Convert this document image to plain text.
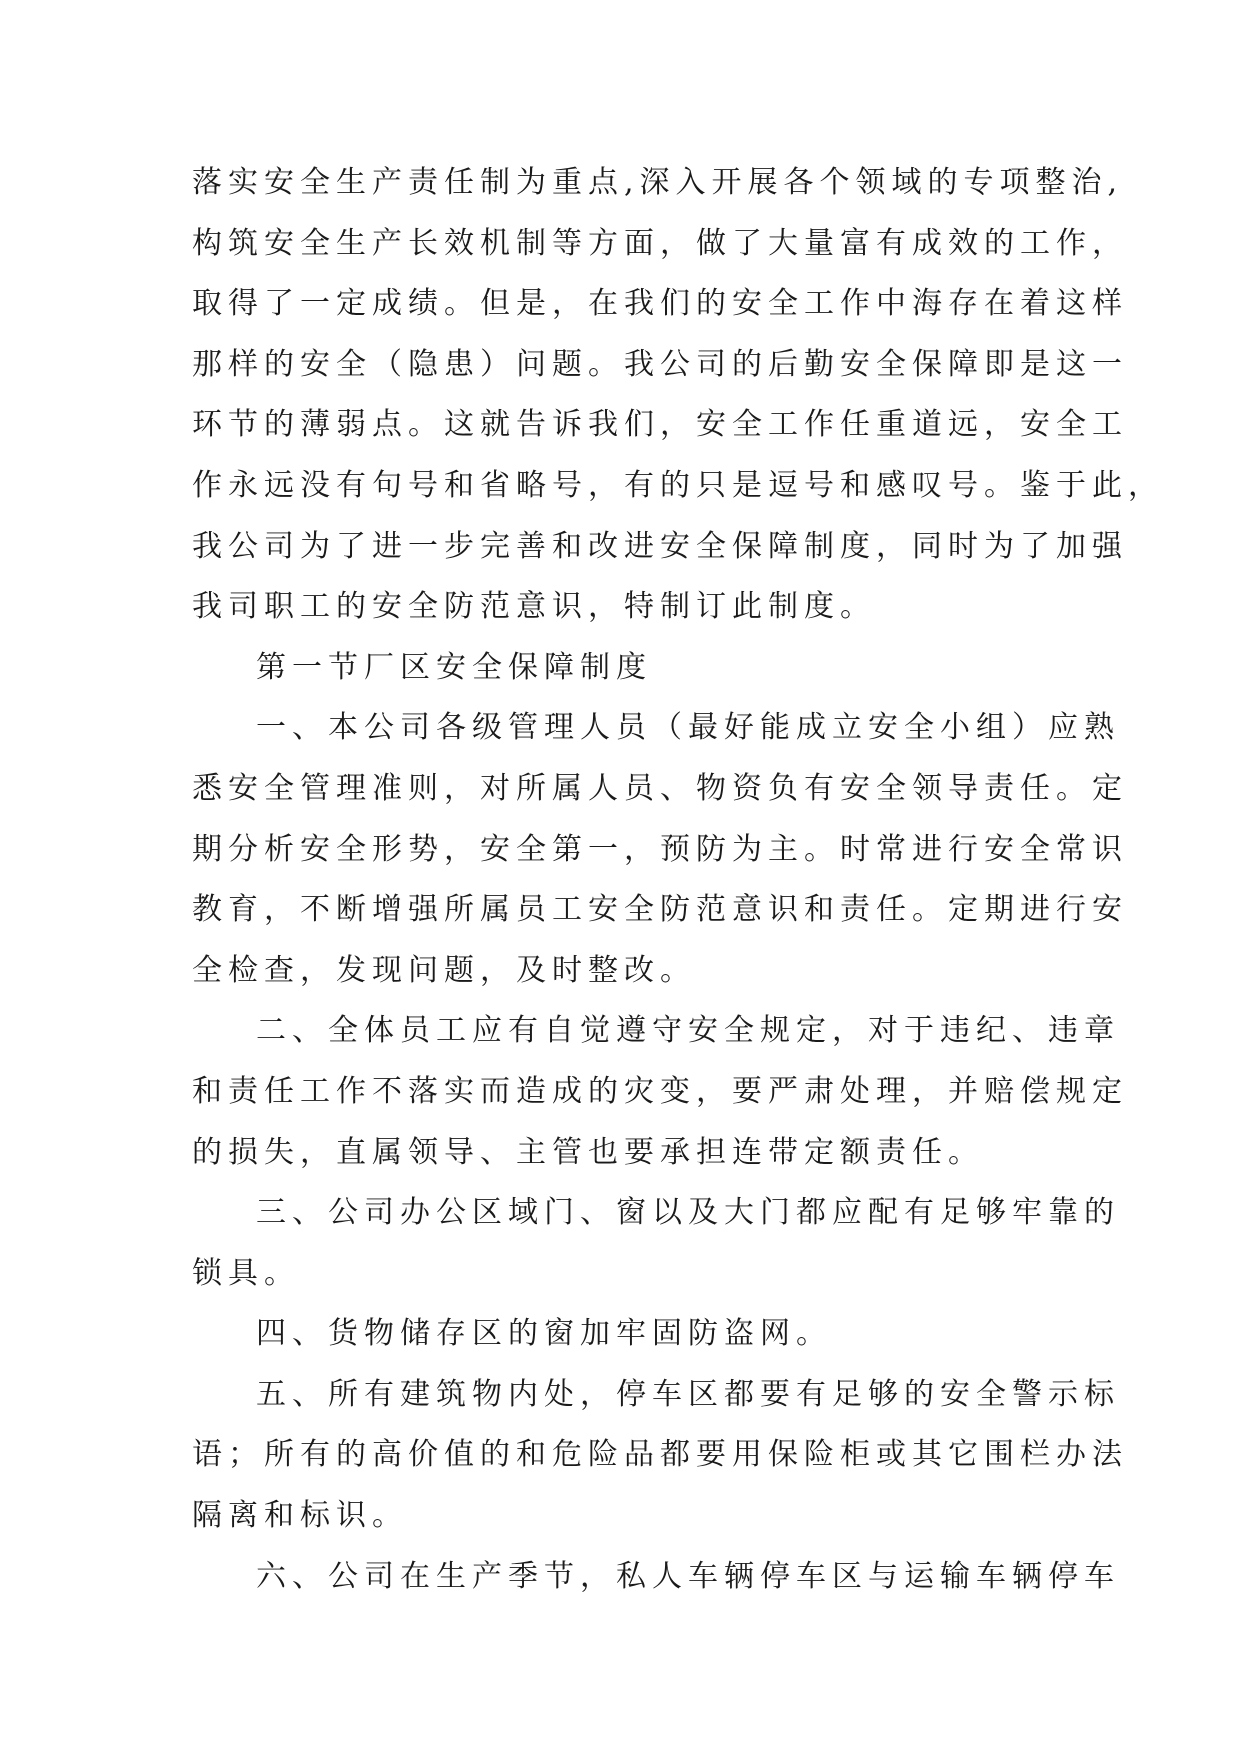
落实安全生产责任制为重点,深入开展各个领域的专项整治,
构筑安全生产长效机制等方面，做了大量富有成效的工作，
取得了一定成绩。但是，在我们的安全工作中海存在着这样
那样的安全（隐患）问题。我公司的后勤安全保障即是这一
环节的薄弱点。这就告诉我们，安全工作任重道远，安全工
作永远没有句号和省略号，有的只是逗号和感叹号。鉴于此，
我公司为了进一步完善和改进安全保障制度，同时为了加强
我司职工的安全防范意识，特制订此制度。
第一节厂区安全保障制度
一、本公司各级管理人员（最好能成立安全小组）应熟
悉安全管理准则，对所属人员、物资负有安全领导责任。定
期分析安全形势，安全第一，预防为主。时常进行安全常识
教育，不断增强所属员工安全防范意识和责任。定期进行安
全检查，发现问题，及时整改。
二、全体员工应有自觉遵守安全规定，对于违纪、违章
和责任工作不落实而造成的灾变，要严肃处理，并赔偿规定
的损失，直属领导、主管也要承担连带定额责任。
三、公司办公区域门、窗以及大门都应配有足够牢靠的
锁具。
四、货物储存区的窗加牢固防盗网。
五、所有建筑物内处，停车区都要有足够的安全警示标
语；所有的高价值的和危险品都要用保险柜或其它围栏办法
隔离和标识。
六、公司在生产季节，私人车辆停车区与运输车辆停车
